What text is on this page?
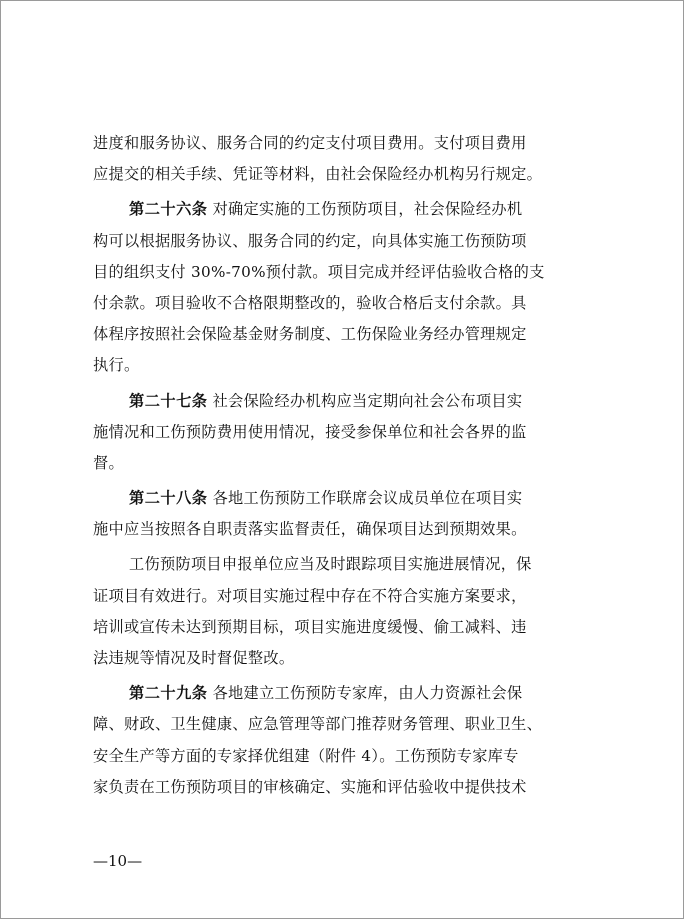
进度和服务协议、服务合同的约定支付项目费用。支付项目费用
应提交的相关手续、凭证等材料，由社会保险经办机构另行规定。
第二十六条 对确定实施的工伤预防项目，社会保险经办机
构可以根据服务协议、服务合同的约定，向具体实施工伤预防项
目的组织支付 30%-70%预付款。项目完成并经评估验收合格的支
付余款。项目验收不合格限期整改的，验收合格后支付余款。具
体程序按照社会保险基金财务制度、工伤保险业务经办管理规定
执行。
第二十七条 社会保险经办机构应当定期向社会公布项目实
施情况和工伤预防费用使用情况，接受参保单位和社会各界的监
督。
第二十八条 各地工伤预防工作联席会议成员单位在项目实
施中应当按照各自职责落实监督责任，确保项目达到预期效果。
工伤预防项目申报单位应当及时跟踪项目实施进展情况，保
证项目有效进行。对项目实施过程中存在不符合实施方案要求，
培训或宣传未达到预期目标，项目实施进度缓慢、偷工减料、违
法违规等情况及时督促整改。
第二十九条 各地建立工伤预防专家库，由人力资源社会保
障、财政、卫生健康、应急管理等部门推荐财务管理、职业卫生、
安全生产等方面的专家择优组建（附件 4）。工伤预防专家库专
家负责在工伤预防项目的审核确定、实施和评估验收中提供技术
—10—
